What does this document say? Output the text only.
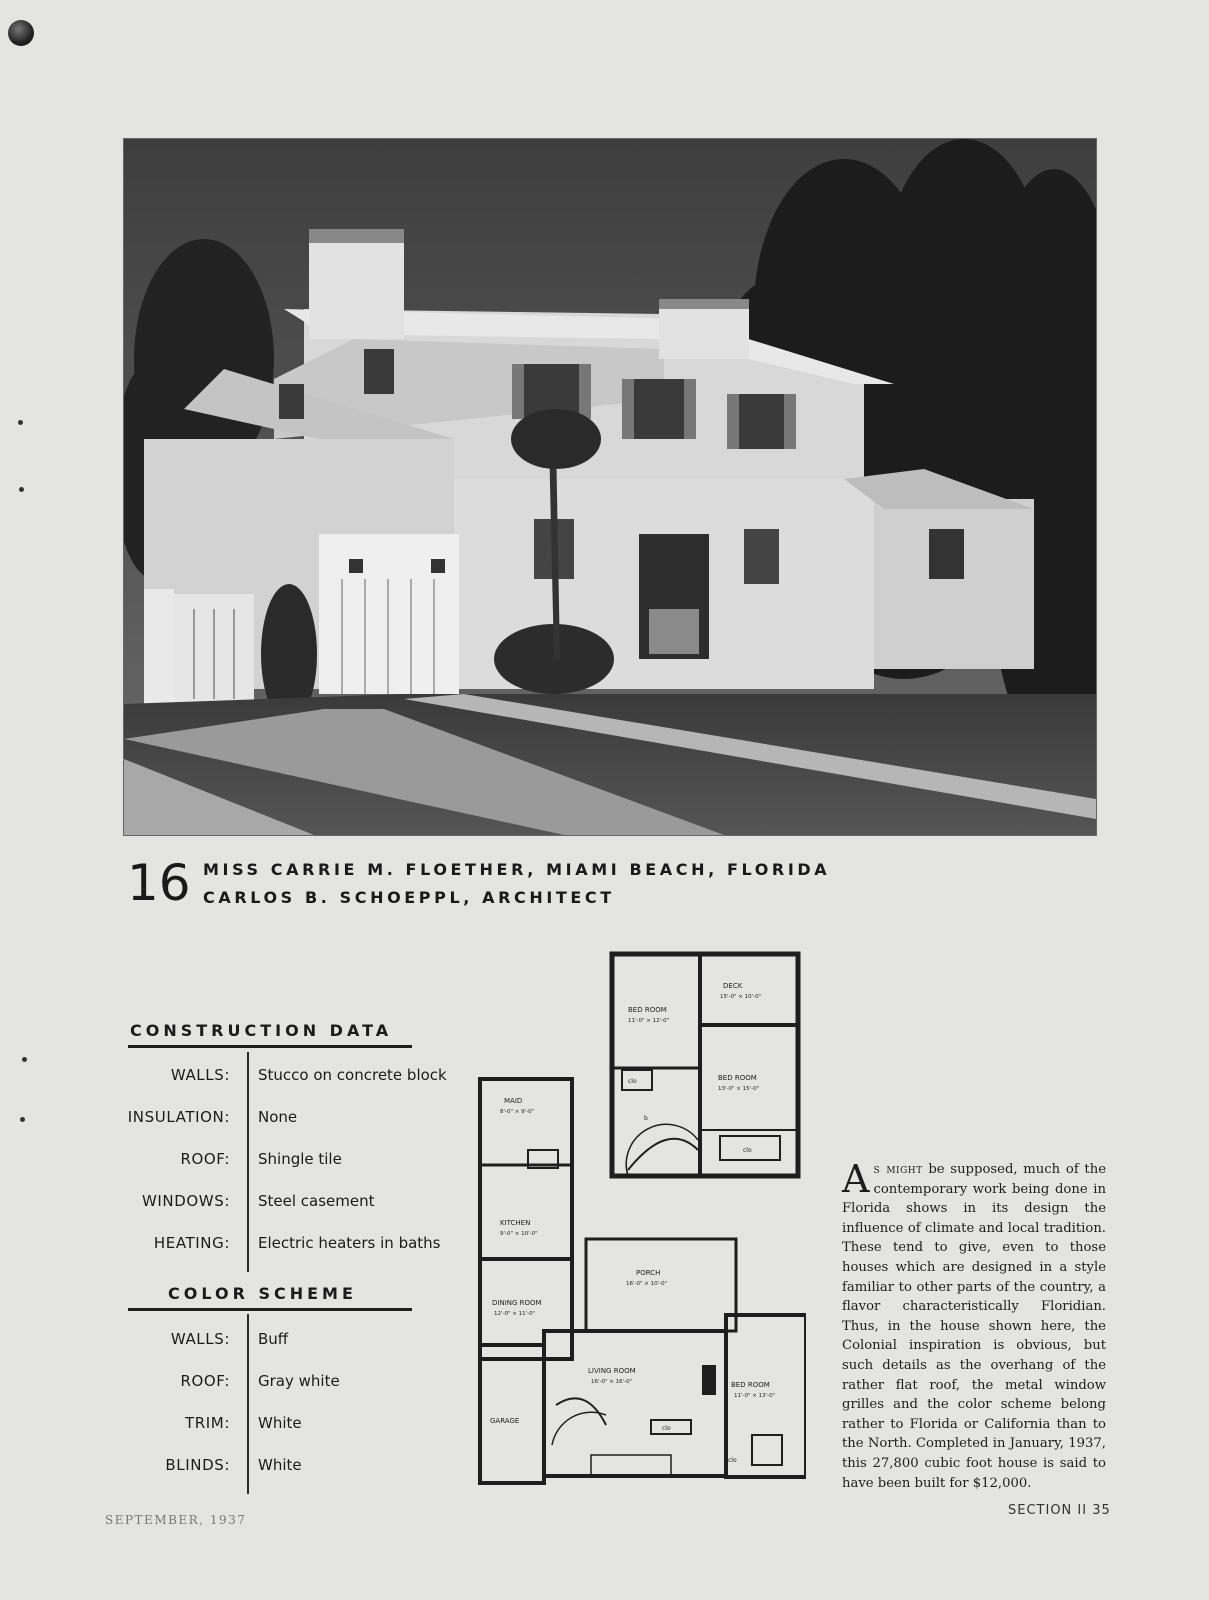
16 MISS CARRIE M. FLOETHER, MIAMI BEACH, FLORIDA
CARLOS B. SCHOEPPL, ARCHITECT
CONSTRUCTION DATA
WALLS: Stucco on concrete block
INSULATION: None
ROOF: Shingle tile
WINDOWS: Steel casement
HEATING: Electric heaters in baths
COLOR SCHEME
WALLS: Buff
ROOF: Gray white
TRIM: White
BLINDS: White
DECK
15'-0" × 10'-0"
BED ROOM
11'-0" × 12'-0"
BED ROOM
13'-0" × 15'-0"
clo
clo
b
MAID
8'-0" × 9'-0"
KITCHEN
9'-0" × 10'-0"
PORCH
16'-0" × 10'-0"
DINING ROOM
12'-0" × 11'-0"
LIVING ROOM
16'-0" × 16'-0"	BED ROOM
11'-0" × 13'-0"
GARAGE
clo
clo
As might be supposed, much of the contemporary work being done in Florida shows in its design the influence of climate and local tradition. These tend to give, even to those houses which are designed in a style familiar to other parts of the country, a flavor characteristically Floridian. Thus, in the house shown here, the Colonial inspiration is obvious, but such details as the overhang of the rather flat roof, the metal window grilles and the color scheme belong rather to Florida or California than to the North. Completed in January, 1937, this 27,800 cubic foot house is said to have been built for $12,000.
SEPTEMBER, 1937
SECTION II 35
